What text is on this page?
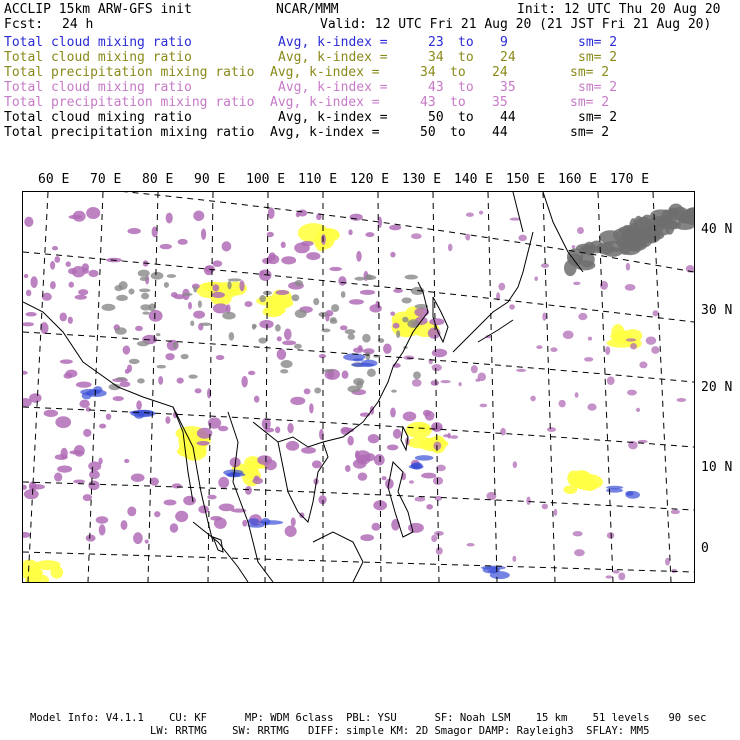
ACCLIP 15km ARW-GFS init	NCAR/MMM	Init: 12 UTC Thu 20 Aug 20
Fcst: 24 h	Valid: 12 UTC Fri 21 Aug 20 (21 JST Fri 21 Aug 20)
Total cloud mixing ratio	Avg, k-index =	23 to 9	sm= 2
Total cloud mixing ratio	Avg, k-index =	34 to 24	sm= 2
Total precipitation mixing ratio Avg, k-index =	34 to 24	sm= 2
Total cloud mixing ratio	Avg, k-index =	43 to 35	sm= 2
Total precipitation mixing ratio Avg, k-index =	43 to 35	sm= 2
Total cloud mixing ratio	Avg, k-index =	50 to 44	sm= 2
Total precipitation mixing ratio Avg, k-index =	50 to 44	sm= 2
60 E 70 E 80 E 90 E 100 E 110 E 120 E 130 E 140 E 150 E 160 E 170 E
40 N
30 N
20 N
10 N
0
Model Info: V4.1.1    CU: KF      MP: WDM 6class  PBL: YSU      SF: Noah LSM    15 km    51 levels   90 sec
LW: RRTMG    SW: RRTMG   DIFF: simple KM: 2D Smagor DAMP: Rayleigh3  SFLAY: MM5
